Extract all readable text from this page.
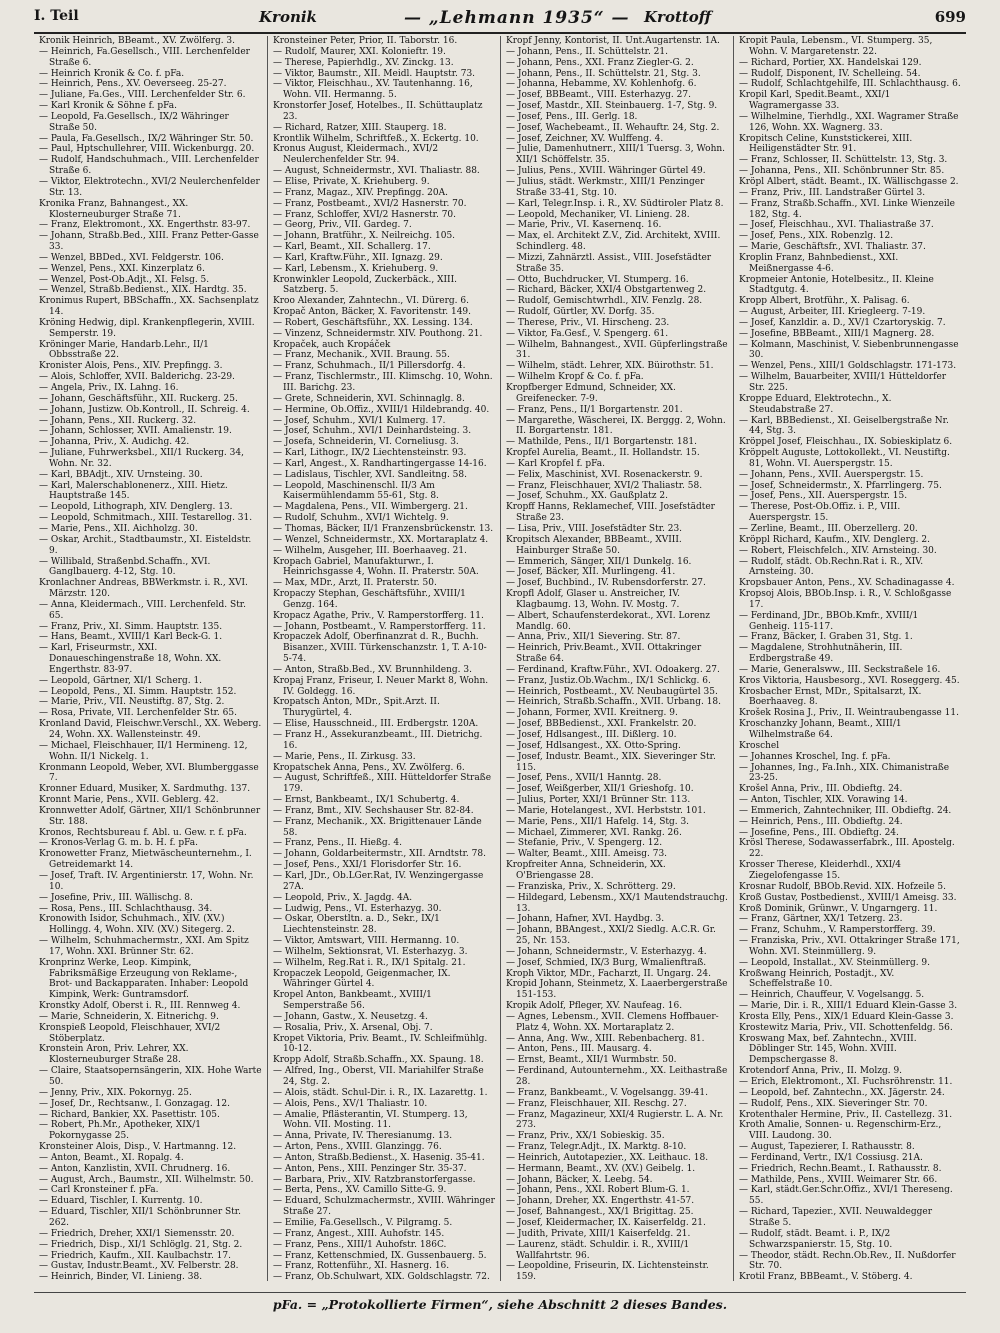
I. Teil	Kronik	— „Lehmann 1935“ — Krottoff	699
Kronik Heinrich, BBeamt., XV. Zwölferg. 3.
— Heinrich, Fa.Gesellsch., VIII. Lerchenfelder Straße 6.
— Heinrich Kronik & Co. f. pFa.
— Heinrich, Pens., XV. Oeverseeg. 25-27.
— Juliane, Fa.Ges., VIII. Lerchenfelder Str. 6.
— Karl Kronik & Söhne f. pFa.
— Leopold, Fa.Gesellsch., IX/2 Währinger Straße 50.
— Paula, Fa.Gesellsch., IX/2 Währinger Str. 50.
— Paul, Hptschullehrer, VIII. Wickenburgg. 20.
— Rudolf, Handschuhmach., VIII. Lerchenfelder Straße 6.
— Viktor, Elektrotechn., XVI/2 Neulerchenfelder Str. 13.
Kronika Franz, Bahnangest., XX. Klosterneuburger Straße 71.
— Franz, Elektromont., XX. Engerthstr. 83-97.
— Johann, Straßb.Bed., XIII. Franz Petter-Gasse 33.
— Wenzel, BBDed., XVI. Feldgerstr. 106.
— Wenzel, Pens., XXI. Kinzerplatz 6.
— Wenzel, Post-Ob.Adjt., XI. Felsg. 5.
— Wenzel, Straßb.Bedienst., XIX. Hardtg. 35.
Kronimus Rupert, BBSchaffn., XX. Sachsenplatz 14.
Kröning Hedwig, dipl. Krankenpflegerin, XVIII. Semperstr. 19.
Kröninger Marie, Handarb.Lehr., II/1 Obbsstraße 22.
Kronister Alois, Pens., XIV. Prepfingg. 3.
— Alois, Schloffer, XVII. Balderichg. 23-29.
— Angela, Priv., IX. Lahng. 16.
— Johann, Geschäftsführ., XII. Ruckerg. 25.
— Johann, Justizw. Ob.Kontroll., II. Schreig. 4.
— Johann, Pens., XII. Ruckerg. 32.
— Johann, Schlosser, XVII. Amalienstr. 19.
— Johanna, Priv., X. Audichg. 42.
— Juliane, Fuhrwerksbel., XII/1 Ruckerg. 34, Wohn. Nr. 32.
— Karl, BBAdjt., XIV. Urnsteing. 30.
— Karl, Malerschablonenerz., XIII. Hietz. Hauptstraße 145.
— Leopold, Lithograph, XIV. Denglerg. 13.
— Leopold, Schmitmach., XIII. Testarellog. 31.
— Marie, Pens., XII. Aichholzg. 30.
— Oskar, Archit., Stadtbaumstr., XI. Eisteldstr. 9.
— Willibald, Straßenbd.Schaffn., XVI. Ganglbauerg. 4-12, Stg. 10.
Kronlachner Andreas, BBWerkmstr. i. R., XVI. Märzstr. 120.
— Anna, Kleidermach., VIII. Lerchenfeld. Str. 65.
— Franz, Priv., XI. Simm. Hauptstr. 135.
— Hans, Beamt., XVIII/1 Karl Beck-G. 1.
— Karl, Friseurmstr., XXI. Donaueschingenstraße 18, Wohn. XX. Engerthstr. 83-97.
— Leopold, Gärtner, XI/1 Scherg. 1.
— Leopold, Pens., XI. Simm. Hauptstr. 152.
— Marie, Priv., VII. Neustiftg. 87, Stg. 2.
— Rosa, Private, VII. Lerchenfelder Str. 65.
Kronland David, Fleischwr.Verschl., XX. Weberg. 24, Wohn. XX. Wallensteinstr. 49.
— Michael, Fleischhauer, II/1 Hermineng. 12, Wohn. II/1 Nickelg. 1.
Kronmann Leopold, Weber, XVI. Blumberggasse 7.
Kronner Eduard, Musiker, X. Sardmuthg. 137.
Kronnt Marie, Pens., XVII. Geblerg. 42.
Kronnwetter Adolf, Gärtner, XII/1 Schönbrunner Str. 188.
Kronos, Rechtsbureau f. Abl. u. Gew. r. f. pFa.
— Kronos-Verlag G. m. b. H. f. pFa.
Kronowetter Franz, Mietwäscheunternehm., I. Getreidemarkt 14.
— Josef, Traft. IV. Argentinierstr. 17, Wohn. Nr. 10.
— Josefine, Priv., III. Wällischg. 8.
— Rosa, Pens., III. Schlachthausg. 34.
Kronowith Isidor, Schuhmach., XIV. (XV.) Hollingg. 4, Wohn. XIV. (XV.) Sitegerg. 2.
— Wilhelm, Schuhmachermstr., XXI. Am Spitz 17, Wohn. XXI. Brünner Str. 62.
Kronprinz Werke, Leop. Kimpink, Fabriksmäßige Erzeugung von Reklame-, Brot- und Backapparaten. Inhaber: Leopold Kimpink, Werk: Guntramsdorf.
Kronstky Adolf, Oberst i. R., III. Rennweg 4.
— Marie, Schneiderin, X. Eitnerichg. 9.
Kronspieß Leopold, Fleischhauer, XVI/2 Stöberplatz.
Kronstein Aron, Priv. Lehrer, XX. Klosterneuburger Straße 28.
— Claire, Staatsopernsängerin, XIX. Hohe Warte 50.
— Jenny, Priv., XIX. Pokornyg. 25.
— Josef, Dr., Rechtsanw., I. Gonzagag. 12.
— Richard, Bankier, XX. Pasettistr. 105.
— Robert, Ph.Mr., Apotheker, XIX/1 Pokornygasse 25.
Kronsteiner Alois, Disp., V. Hartmanng. 12.
— Anton, Beamt., XI. Ropalg. 4.
— Anton, Kanzlistin, XVII. Chrudnerg. 16.
— August, Arch., Baumstr., XII. Wilhelmstr. 50.
— Carl Kronsteiner f. pFa.
— Eduard, Tischler, I. Kurrentg. 10.
— Eduard, Tischler, XII/1 Schönbrunner Str. 262.
— Friedrich, Dreher, XXI/1 Siemensstr. 20.
— Friedrich, Disp., XI/1 Schlöglg. 21, Stg. 2.
— Friedrich, Kaufm., XII. Kaulbachstr. 17.
— Gustav, Industr.Beamt., XV. Felberstr. 28.
— Heinrich, Binder, VI. Linieng. 38.
Kronsteiner Peter, Prior, II. Taborstr. 16.
— Rudolf, Maurer, XXI. Kolonieftr. 19.
— Therese, Papierhdlg., XV. Zinckg. 13.
— Viktor, Baumstr., XII. Meidl. Hauptstr. 73.
— Viktor, Fleischhau., XV. Tautenhanng. 16, Wohn. VII. Hermanng. 5.
Kronstorfer Josef, Hotelbes., II. Schüttauplatz 23.
— Richard, Ratzer, XIII. Stauperg. 18.
Krontlik Wilhelm, Schriftfeß., X. Eckertg. 10.
Kronus August, Kleidermach., XVI/2 Neulerchenfelder Str. 94.
— August, Schneidermstr., XVI. Thaliastr. 88.
— Elise, Private, X. Kriehuberg. 9.
— Franz, Magaz., XIV. Prepfingg. 20A.
— Franz, Postbeamt., XVI/2 Hasnerstr. 70.
— Franz, Schloffer, XVI/2 Hasnerstr. 70.
— Georg, Priv., VII. Gardeg. 7.
— Johann, Bratführ., X. Neilreichg. 105.
— Karl, Beamt., XII. Schallerg. 17.
— Karl, Kraftw.Führ., XII. Ignazg. 29.
— Karl, Lebensm., X. Kriehuberg. 9.
Kronwinkler Leopold, Zuckerbäck., XIII. Satzberg. 5.
Kroo Alexander, Zahntechn., VI. Dürerg. 6.
Kropač Anton, Bäcker, X. Favoritenstr. 149.
— Robert, Geschäftsführ., XX. Lessing. 134.
— Vinzenz, Schneidermstr. XIV. Pouthong. 21.
Kropaček, auch Kropáček
— Franz, Mechanik., XVII. Braung. 55.
— Franz, Schuhmach., II/1 Pillersdorfg. 4.
— Franz, Tischlermstr., III. Klimschg. 10, Wohn. III. Barichg. 23.
— Grete, Schneiderin, XVI. Schinnaglg. 8.
— Hermine, Ob.Offiz., XVIII/1 Hildebrandg. 40.
— Josef, Schuhm., XVI/1 Kulmerg. 17.
— Josef, Schuhm., XVI/1 Deinhardsteing. 3.
— Josefa, Schneiderin, VI. Corneliusg. 3.
— Karl, Lithogr., IX/2 Liechtensteinstr. 93.
— Karl, Angest., X. Randhartingergasse 14-16.
— Ladislaus, Tischler, XVI. Sandleitng. 58.
— Leopold, Maschinenschl. II/3 Am Kaisermühlendamm 55-61, Stg. 8.
— Magdalena, Pens., VII. Wimbergerg. 21.
— Rudolf, Schuhm., XVI/1 Wichtelg. 9.
— Thomas, Bäcker, II/1 Franzensbrückenstr. 13.
— Wenzel, Schneidermstr., XX. Mortaraplatz 4.
— Wilhelm, Ausgeher, III. Boerhaaveg. 21.
Kropach Gabriel, Manufakturwr., I. Heinrichsgasse 4, Wohn. II. Praterstr. 50A.
— Max, MDr., Arzt, II. Praterstr. 50.
Kropaczy Stephan, Geschäftsführ., XVIII/1 Genzg. 164.
Kropacz Agathe, Priv., V. Ramperstorfferg. 11.
— Johann, Postbeamt., V. Ramperstorfferg. 11.
Kropaczek Adolf, Oberfinanzrat d. R., Buchh. Bisanzer., XVIII. Türkenschanzstr. 1, T. A-10-5-74.
— Anton, Straßb.Bed., XV. Brunnhildeng. 3.
Kropaj Franz, Friseur, I. Neuer Markt 8, Wohn. IV. Goldegg. 16.
Kropatsch Anton, MDr., Spit.Arzt. II. Thurygürtel, 4.
— Elise, Hausschneid., III. Erdbergstr. 120A.
— Franz H., Assekuranzbeamt., III. Dietrichg. 16.
— Marie, Pens., II. Zirkusg. 33.
Kropatschek Anna, Pens., XV. Zwölferg. 6.
— August, Schriftfeß., XIII. Hütteldorfer Straße 179.
— Ernst, Bankbeamt., IX/1 Schubertg. 4.
— Franz, Bmt., XIV. Sechshauser Str. 82-84.
— Franz, Mechanik., XX. Brigittenauer Lände 58.
— Franz, Pens., II. Hießg. 4.
— Johann, Goldarbeitermstr., XII. Arndtstr. 78.
— Josef, Pens., XXI/1 Florisdorfer Str. 16.
— Karl, JDr., Ob.LGer.Rat, IV. Wenzingergasse 27A.
— Leopold, Priv., X. Jagdg. 4A.
— Ludwig, Pens., VI. Esterhazyg. 30.
— Oskar, Oberstltn. a. D., Sekr., IX/1 Liechtensteinstr. 28.
— Viktor, Amtswart, VIII. Hermanng. 10.
— Wilhelm, Sektionsrat, VI. Esterhazyg. 3.
— Wilhelm, Reg.Rat i. R., IX/1 Spitalg. 21.
Kropaczek Leopold, Geigenmacher, IX. Währinger Gürtel 4.
Kropel Anton, Bankbeamt., XVIII/1 Semperstraße 56.
— Johann, Gastw., X. Neusetzg. 4.
— Rosalia, Priv., X. Arsenal, Obj. 7.
Kropet Viktoria, Priv. Beamt., IV. Schleifmühlg. 10-12.
Kropp Adolf, Straßb.Schaffn., XX. Spaung. 18.
— Alfred, Ing., Oberst, VII. Mariahilfer Straße 24, Stg. 2.
— Alois, städt. Schul-Dir. i. R., IX. Lazarettg. 1.
— Alois, Pens., XV/1 Thaliastr. 10.
— Amalie, Pflästerantin, VI. Stumperg. 13, Wohn. VII. Mosting. 11.
— Anna, Private, IV. Theresianumg. 13.
— Arton, Pens., XVIII. Glanzingg. 76.
— Anton, Straßb.Bedienst., X. Hasenig. 35-41.
— Anton, Pens., XIII. Penzinger Str. 35-37.
— Barbara, Priv., XIV. Ratzbranstorfergasse.
— Berta, Pens., XV. Camillo Sitte-G. 9.
— Eduard, Schulzmachermstr., XVIII. Währinger Straße 27.
— Emilie, Fa.Gesellsch., V. Pilgramg. 5.
— Franz, Angest., XIII. Auhofstr. 145.
— Franz, Pens., XIII/1 Auhofstr. 186C.
— Franz, Kettenschmied, IX. Gussenbauerg. 5.
— Franz, Rottenführ., XI. Hasnerg. 16.
— Franz, Ob.Schulwart, XIX. Goldschlagstr. 72.
Kropf Jenny, Kontorist, II. Unt.Augartenstr. 1A.
— Johann, Pens., II. Schüttelstr. 21.
— Johann, Pens., XXI. Franz Ziegler-G. 2.
— Johann, Pens., II. Schüttelstr. 21, Stg. 3.
— Johanna, Hebamme, XV. Kohlenhofg. 6.
— Josef, BBBeamt., VIII. Esterhazyg. 27.
— Josef, Mastdr., XII. Steinbauerg. 1-7, Stg. 9.
— Josef, Pens., III. Gerlg. 18.
— Josef, Wachebeamt., II. Wehauftr. 24, Stg. 2.
— Josef, Zeichner, XV. Wulffeng. 4.
— Julie, Damenhutnerr., XIII/1 Tuersg. 3, Wohn. XII/1 Schöffelstr. 35.
— Julius, Pens., XVIII. Währinger Gürtel 49.
— Julius, städt. Werkmstr., XIII/1 Penzinger Straße 33-41, Stg. 10.
— Karl, Telegr.Insp. i. R., XV. Südtiroler Platz 8.
— Leopold, Mechaniker, VI. Linieng. 28.
— Marie, Priv., VI. Kasernenq. 16.
— Max, el. Architekt Z.V., Zid. Architekt, XVIII. Schindlerg. 48.
— Mizzi, Zahnärztl. Assist., VIII. Josefstädter Straße 35.
— Otto, Buchdrucker, VI. Stumperg. 16.
— Richard, Bäcker, XXI/4 Obstgartenweg 2.
— Rudolf, Gemischtwrhdl., XIV. Fenzlg. 28.
— Rudolf, Gürtler, XV. Dorfg. 35.
— Therese, Priv., VI. Hirscheng. 23.
— Viktor, Fa.Gesf., V. Spengerg. 61.
— Wilhelm, Bahnangest., XVII. Güpferlingstraße 31.
— Wilhelm, städt. Lehrer, XIX. Büirothstr. 51.
— Wilhelm Kropf & Co. f. pFa.
Kropfberger Edmund, Schneider, XX. Greifenecker. 7-9.
— Franz, Pens., II/1 Borgartenstr. 201.
— Margarethe, Wäscherei, IX. Berggg. 2, Wohn. II. Borgartenstr. 181.
— Mathilde, Pens., II/1 Borgartenstr. 181.
Kropfel Aurelia, Beamt., II. Hollandstr. 15.
— Karl Kropfel f. pFa.
— Felix, Maschinist, XVI. Rosenackerstr. 9.
— Franz, Fleischhauer, XVI/2 Thaliastr. 58.
— Josef, Schuhm., XX. Gaußplatz 2.
Kropff Hanns, Reklamechef, VIII. Josefstädter Straße 23.
— Lisa, Priv., VIII. Josefstädter Str. 23.
Kropitsch Alexander, BBBeamt., XVIII. Hainburger Straße 50.
— Emmerich, Sänger, XII/1 Dunkelg. 16.
— Josef, Bäcker, XII. Murlingeng. 41.
— Josef, Buchbind., IV. Rubensdorferstr. 27.
Kropfl Adolf, Glaser u. Anstreicher, IV. Klagbaumg. 13, Wohn. IV. Mostg. 7.
— Albert, Schaufensterdekorat., XVI. Lorenz Mandlg. 60.
— Anna, Priv., XII/1 Sievering. Str. 87.
— Heinrich, Priv.Beamt., XVII. Ottakringer Straße 64.
— Ferdinand, Kraftw.Führ., XVI. Odoakerg. 27.
— Franz, Justiz.Ob.Wachm., IX/1 Schlickg. 6.
— Heinrich, Postbeamt., XV. Neubaugürtel 35.
— Heinrich, Straßb.Schaffn., XVII. Urbang. 18.
— Johann, Former, XVII. Kreitnerg. 9.
— Josef, BBBedienst., XXI. Frankelstr. 20.
— Josef, Hdlsangest., III. Dißlerg. 10.
— Josef, Hdlsangest., XX. Otto-Spring.
— Josef, Industr. Beamt., XIX. Sieveringer Str. 115.
— Josef, Pens., XVII/1 Hanntg. 28.
— Josef, Weißgerber, XII/1 Grieshofg. 10.
— Julius, Porter, XXI/1 Brünner Str. 113.
— Marie, Hotelangest., XVI. Herbststr. 101.
— Marie, Pens., XII/1 Hafelg. 14, Stg. 3.
— Michael, Zimmerer, XVI. Rankg. 26.
— Stefanie, Priv., V. Spengerg. 12.
— Walter, Beamt., XIII. Ameisg. 73.
Kropfreiter Anna, Schneiderin, XX. O'Briengasse 28.
— Franziska, Priv., X. Schrötterg. 29.
— Hildegard, Lebensm., XX/1 Mautendstrauchg. 13.
— Johann, Hafner, XVI. Haydbg. 3.
— Johann, BBAngest., XXI/2 Siedlg. A.C.R. Gr. 25, Nr. 153.
— Johann, Schneidermstr., V. Esterhazyg. 4.
— Josef, Schmied, IX/3 Burg, Wmalienftraß.
Kroph Viktor, MDr., Facharzt, II. Ungarg. 24.
Kropid Johann, Steinmetz, X. Laaerbergerstraße 151-153.
Kropik Adolf, Pfleger, XV. Naufeag. 16.
— Agnes, Lebensm., XVII. Clemens Hoffbauer-Platz 4, Wohn. XX. Mortaraplatz 2.
— Anna, Ang. Ww., XIII. Rebenbacherg. 81.
— Anton, Pens., III. Mausarg. 4.
— Ernst, Beamt., XII/1 Wurmbstr. 50.
— Ferdinand, Autounternehm., XX. Leithastraße 28.
— Franz, Bankbeamt., V. Vogelsangg. 39-41.
— Franz, Fleischhauer, XII. Reschg. 27.
— Franz, Magazineur, XXI/4 Rugierstr. L. A. Nr. 273.
— Franz, Priv., XX/1 Sobieskig. 35.
— Franz, Telegr.Adjt., IX. Marktg. 8-10.
— Heinrich, Autotapezier., XX. Leithauc. 18.
— Hermann, Beamt., XV. (XV.) Geibelg. 1.
— Johann, Bäcker, X. Leebg. 54.
— Johann, Pens., XXI. Robert Blum-G. 1.
— Johann, Dreher, XX. Engerthstr. 41-57.
— Josef, Bahnangest., XX/1 Brigittag. 25.
— Josef, Kleidermacher, IX. Kaiserfeldg. 21.
— Judith, Private, XIII/1 Kaiserfeldg. 21.
— Laurenz, städt. Schuldir. i. R., XVIII/1 Wallfahrtstr. 96.
— Leopoldine, Friseurin, IX. Lichtensteinstr. 159.
Kropit Paula, Lebensm., VI. Stumperg. 35, Wohn. V. Margaretenstr. 22.
— Richard, Portier, XX. Handelskai 129.
— Rudolf, Disponent, IV. Schelleing. 54.
— Rudolf, Schlachtgehilfe, III. Schlachthausg. 6.
Kropil Karl, Spedit.Beamt., XXI/1 Wagramergasse 33.
— Wilhelmine, Tierhdlg., XXI. Wagramer Straße 126, Wohn. XX. Wagnerg. 33.
Kropitsch Celine, Kunststickerei, XIII. Heiligenstädter Str. 91.
— Franz, Schlosser, II. Schüttelstr. 13, Stg. 3.
— Johanna, Pens., XII. Schönbrunner Str. 85.
Kröpl Albert, städt. Beamt., IX. Wällischgasse 2.
— Franz, Priv., III. Landstraßer Gürtel 3.
— Franz, Straßb.Schaffn., XVI. Linke Wienzeile 182, Stg. 4.
— Josef, Fleischhau., XVI. Thaliastraße 37.
— Josef, Pens., XIX. Robenzlg. 12.
— Marie, Geschäftsfr., XVI. Thaliastr. 37.
Kroplin Franz, Bahnbedienst., XXI. Meißnergasse 4-6.
Kropmeier Antonie, Hotelbesitz., II. Kleine Stadtgutg. 4.
Kropp Albert, Brotführ., X. Palisag. 6.
— August, Arbeiter, III. Kriegleerg. 7-19.
— Josef, Kanzldir. a. D., XV/1 Czartoryskig. 7.
— Josefine, BBBeamt., XIII/1 Magnerg. 28.
— Kolmann, Maschinist, V. Siebenbrunnengasse 30.
— Wenzel, Pens., XIII/1 Goldschlagstr. 171-173.
— Wilhelm, Bauarbeiter, XVIII/1 Hütteldorfer Str. 225.
Kroppe Eduard, Elektrotechn., X. Steudabstraße 27.
— Karl, BBBedienst., XI. Geiselbergstraße Nr. 44, Stg. 3.
Kröppel Josef, Fleischhau., IX. Sobieskiplatz 6.
Kröppelt Auguste, Lottokollekt., VI. Neustiftg. 81, Wohn. VI. Auerspergstr. 15.
— Johann, Pens., XVII. Auerspergstr. 15.
— Josef, Schneidermstr., X. Pfarrlingerg. 75.
— Josef, Pens., XII. Auerspergstr. 15.
— Therese, Post-Ob.Offiz. i. P., VIII. Auerspergstr. 15.
— Zerline, Beamt., III. Oberzellerg. 20.
Kröppl Richard, Kaufm., XIV. Denglerg. 2.
— Robert, Fleischfelch., XIV. Arnsteing. 30.
— Rudolf, städt. Ob.Rechn.Rat i. R., XIV. Arnsteing. 30.
Kropsbauer Anton, Pens., XV. Schadinagasse 4.
Kropsoj Alois, BBOb.Insp. i. R., V. Schloßgasse 17.
— Ferdinand, JDr., BBOb.Kmfr., XVIII/1 Genheig. 115-117.
— Franz, Bäcker, I. Graben 31, Stg. 1.
— Magdalene, Strohhutnäherin, III. Erdbergstraße 49.
— Marie, Generalsww., III. Seckstraßele 16.
Kros Viktoria, Hausbesorg., XVI. Roseggerg. 45.
Krosbacher Ernst, MDr., Spitalsarzt, IX. Boerhaaveg. 8.
Krošek Rosina J., Priv., II. Weintraubengasse 11.
Kroschanzky Johann, Beamt., XIII/1 Wilhelmstraße 64.
Kroschel
— Johannes Kroschel, Ing. f. pFa.
— Johannes, Ing., Fa.Inh., XIX. Chimanistraße 23-25.
Krošel Anna, Priv., III. Obdieftg. 24.
— Anton, Tischler, XIX. Vorawing 14.
— Emmerich, Zahntechniker, III. Obdieftg. 24.
— Heinrich, Pens., III. Obdieftg. 24.
— Josefine, Pens., III. Obdieftg. 24.
Krösl Therese, Sodawasserfabrk., III. Apostelg. 22.
Krosser Therese, Kleiderhdl., XXI/4 Ziegelofengasse 15.
Krosnar Rudolf, BBOb.Revid. XIX. Hofzeile 5.
Kroß Gustav, Postbedienst., XVIII/1 Ameisg. 33.
Kroß Dominik, Grünwr., V. Ungarngerg. 11.
— Franz, Gärtner, XX/1 Tetzerg. 23.
— Franz, Schuhm., V. Ramperstorfferg. 39.
— Franziska, Priv., XVI. Ottakringer Straße 171, Wohn. XVI. Steinmüllerg. 9.
— Leopold, Installat., XV. Steinmüllerg. 9.
Kroßwang Heinrich, Postadjt., XV. Scheffelstraße 10.
— Heinrich, Chauffeur, V. Vogelsangg. 5.
— Marie, Dir. i. R., XIII/1 Eduard Klein-Gasse 3.
Krosta Elly, Pens., XIX/1 Eduard Klein-Gasse 3.
Krostewitz Maria, Priv., VII. Schottenfeldg. 56.
Kroswang Max, bef. Zahntechn., XVIII. Döblinger Str. 145, Wohn. XVIII. Dempschergasse 8.
Krotendorf Anna, Priv., II. Molzg. 9.
— Erich, Elektromont., XI. Fuchsröhrenstr. 11.
— Leopold, bef. Zahntechn., XX. Jägerstr. 24.
— Rudolf, Pens., XIX. Sieveringer Str. 70.
Krotenthaler Hermine, Priv., II. Castellezg. 31.
Kroth Amalie, Sonnen- u. Regenschirm-Erz., VIII. Laudong. 30.
— August, Tapezierer, I. Rathausstr. 8.
— Ferdinand, Vertr., IX/1 Cossiusg. 21A.
— Friedrich, Rechn.Beamt., I. Rathausstr. 8.
— Mathilde, Pens., XVIII. Weimarer Str. 66.
— Karl, städt.Ger.Schr.Offiz., XVI/1 Thereseng. 55.
— Richard, Tapezier., XVII. Neuwaldegger Straße 5.
— Rudolf, städt. Beamt. i. P., IX/2 Schwarzspanierstr. 15, Stg. 10.
— Theodor, städt. Rechn.Ob.Rev., II. Nußdorfer Str. 70.
Krotil Franz, BBBeamt., V. Stöberg. 4.
pFa. = „Protokollierte Firmen“, siehe Abschnitt 2 dieses Bandes.
